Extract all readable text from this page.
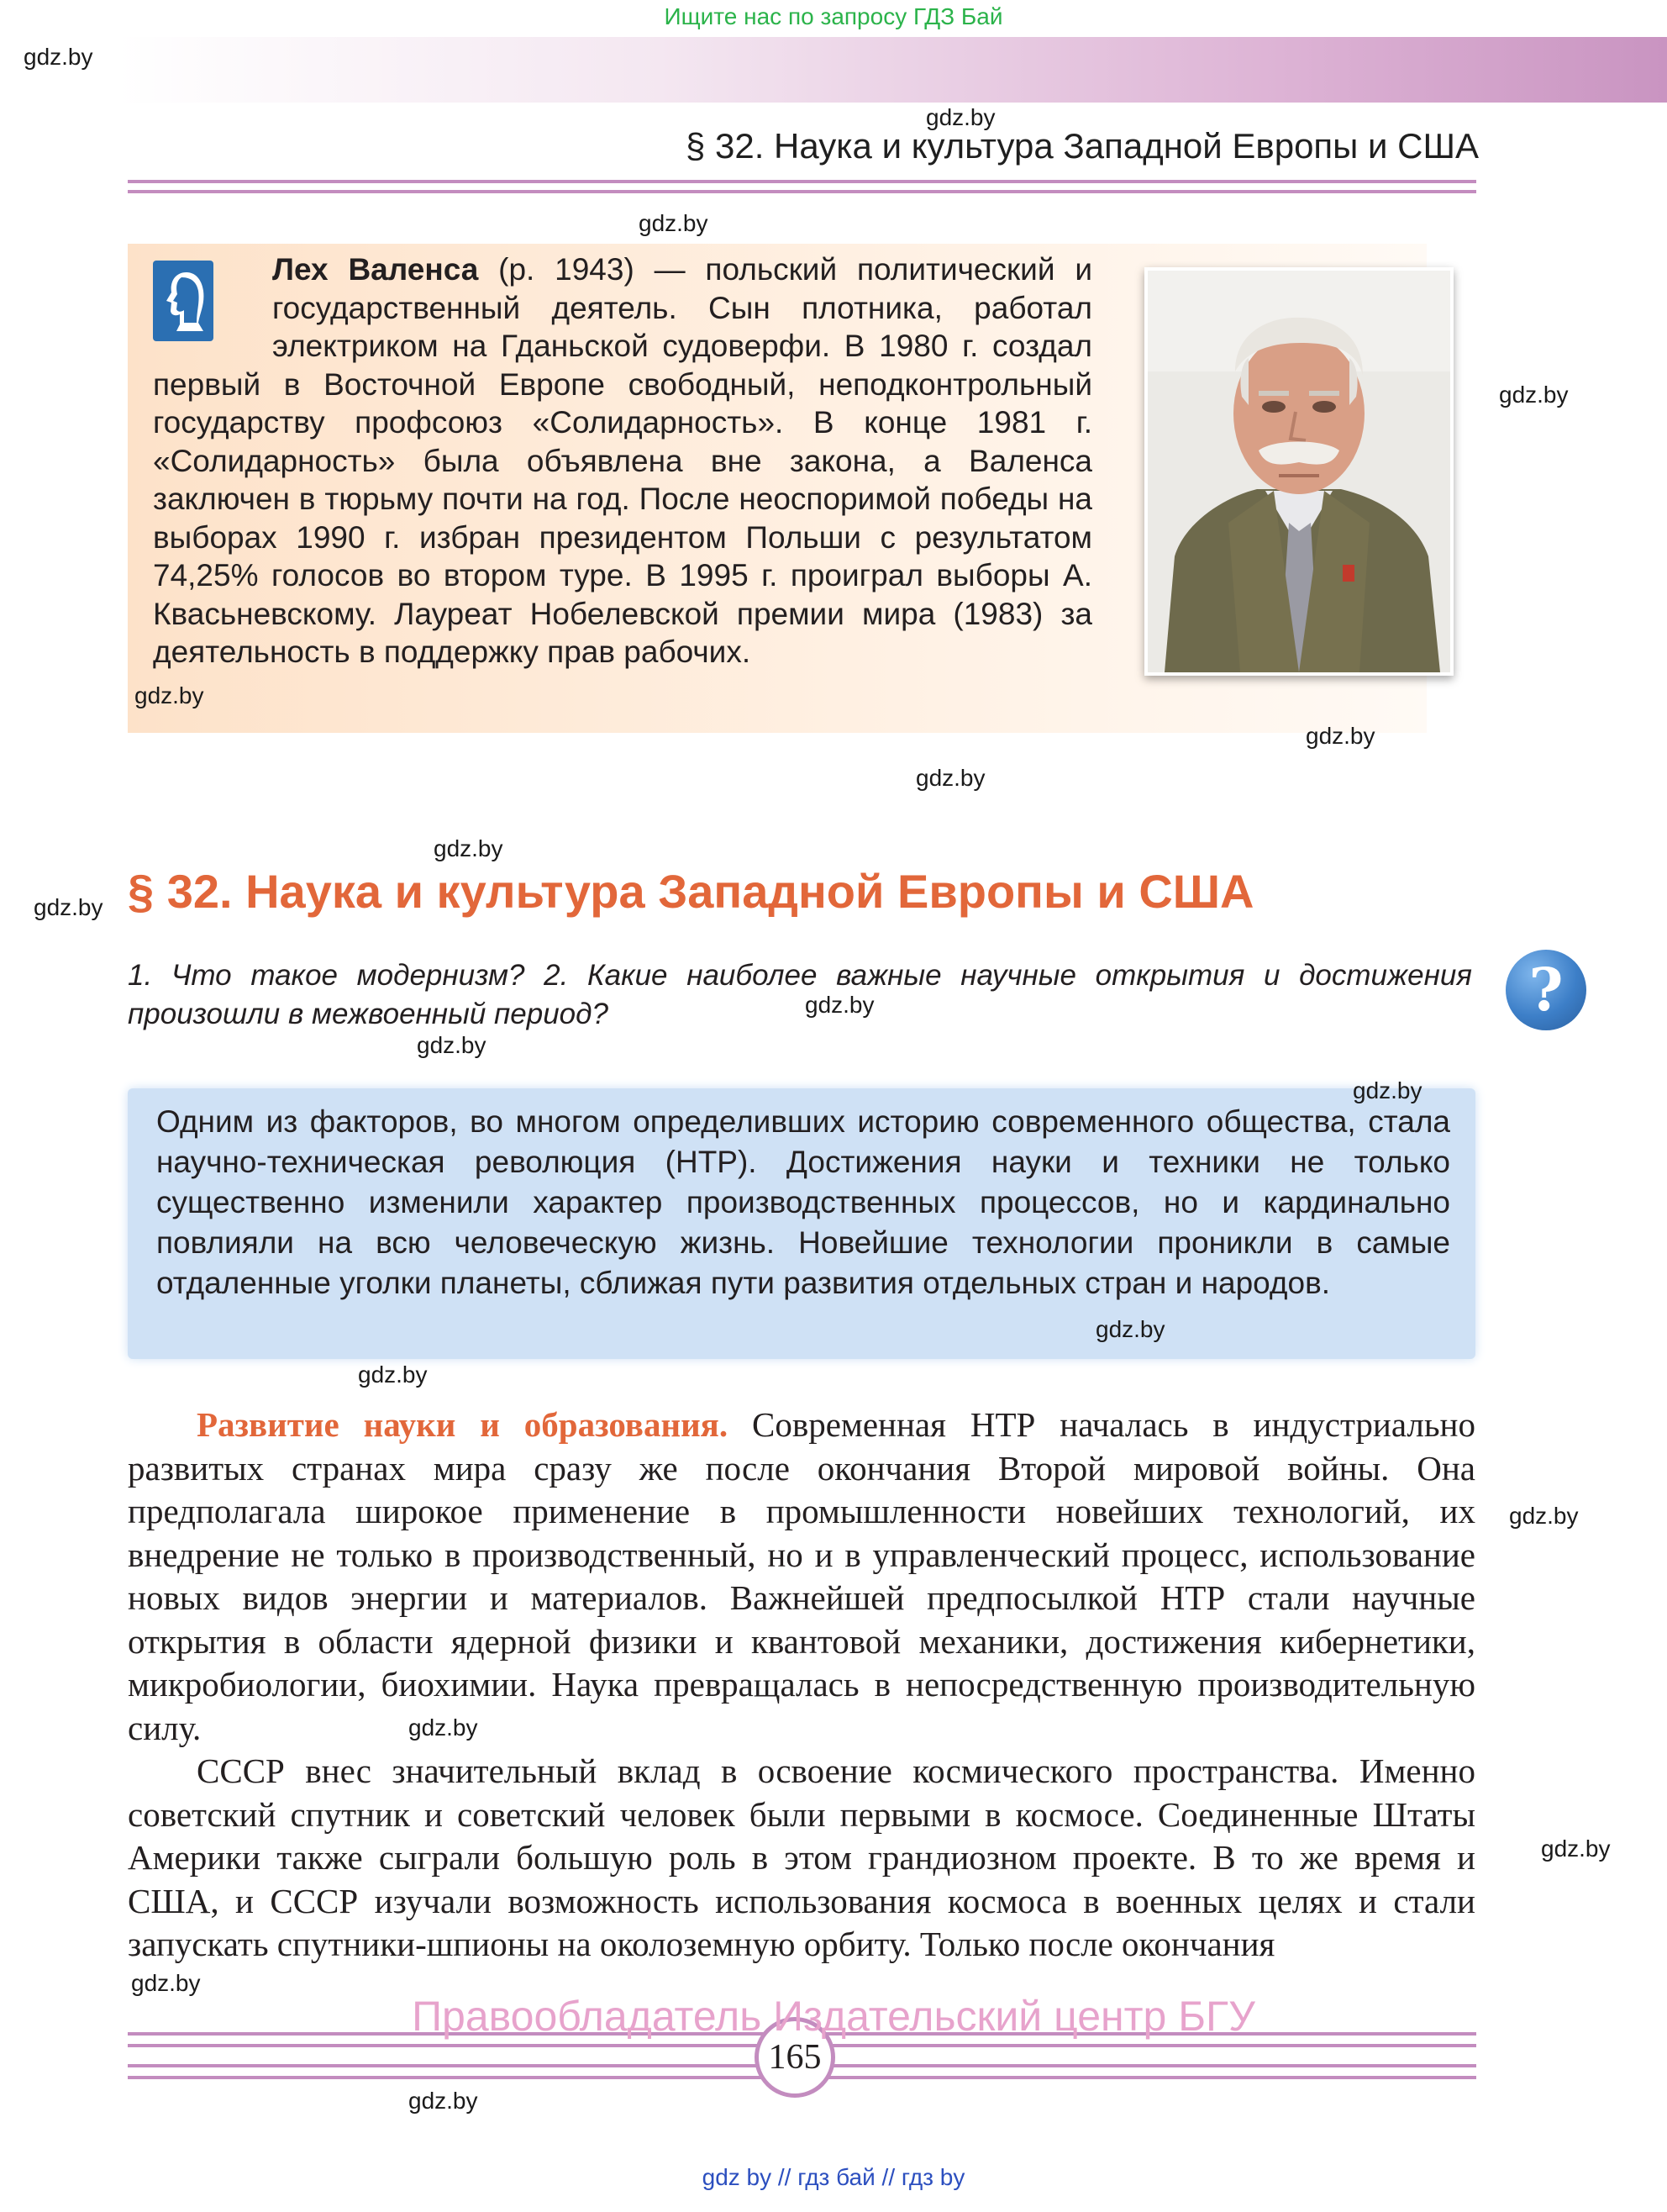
Ищите нас по запросу ГДЗ Бай
§ 32. Наука и культура Западной Европы и США
Лех Валенса (р. 1943) — польский политический и государственный деятель. Сын плотника, работал электриком на Гданьской судоверфи. В 1980 г. создал первый в Восточной Европе свободный, неподконтрольный государству профсоюз «Солидарность». В конце 1981 г. «Солидарность» была объявлена вне закона, а Валенса заключен в тюрьму почти на год. После неоспоримой победы на выборах 1990 г. избран президентом Польши с результатом 74,25% голосов во втором туре. В 1995 г. проиграл выборы А. Квасьневскому. Лауреат Нобелевской премии мира (1983) за деятельность в поддержку прав рабочих.
§ 32. Наука и культура Западной Европы и США
1. Что такое модернизм? 2. Какие наиболее важные научные открытия и достижения произошли в межвоенный период?	?
Одним из факторов, во многом определивших историю современного общества, стала научно-техническая революция (НТР). Достижения науки и техники не только существенно изменили характер производственных процессов, но и кардинально повлияли на всю человеческую жизнь. Новейшие технологии проникли в самые отдаленные уголки планеты, сближая пути развития отдельных стран и народов.

Развитие науки и образования. Современная НТР началась в индустриально развитых странах мира сразу же после окончания Второй мировой войны. Она предполагала широкое применение в промышленности новейших технологий, их внедрение не только в производственный, но и в управленческий процесс, использование новых видов энергии и материалов. Важнейшей предпосылкой НТР стали научные открытия в области ядерной физики и квантовой механики, достижения кибернетики, микробиологии, биохимии. Наука превращалась в непосредственную производительную силу.

СССР внес значительный вклад в освоение космического пространства. Именно советский спутник и советский человек были первыми в космосе. Соединенные Штаты Америки также сыграли большую роль в этом грандиозном проекте. В то же время и США, и СССР изучали возможность использования космоса в военных целях и стали запускать спутники-шпионы на околоземную орбиту. Только после окончания

165
Правообладатель Издательский центр БГУ
gdz by // гдз бай // гдз by
gdz.by
gdz.by
gdz.by
gdz.by
gdz.by
gdz.by
gdz.by
gdz.by
gdz.by
gdz.by
gdz.by
gdz.by
gdz.by
gdz.by
gdz.by
gdz.by
gdz.by
gdz.by
gdz.by
